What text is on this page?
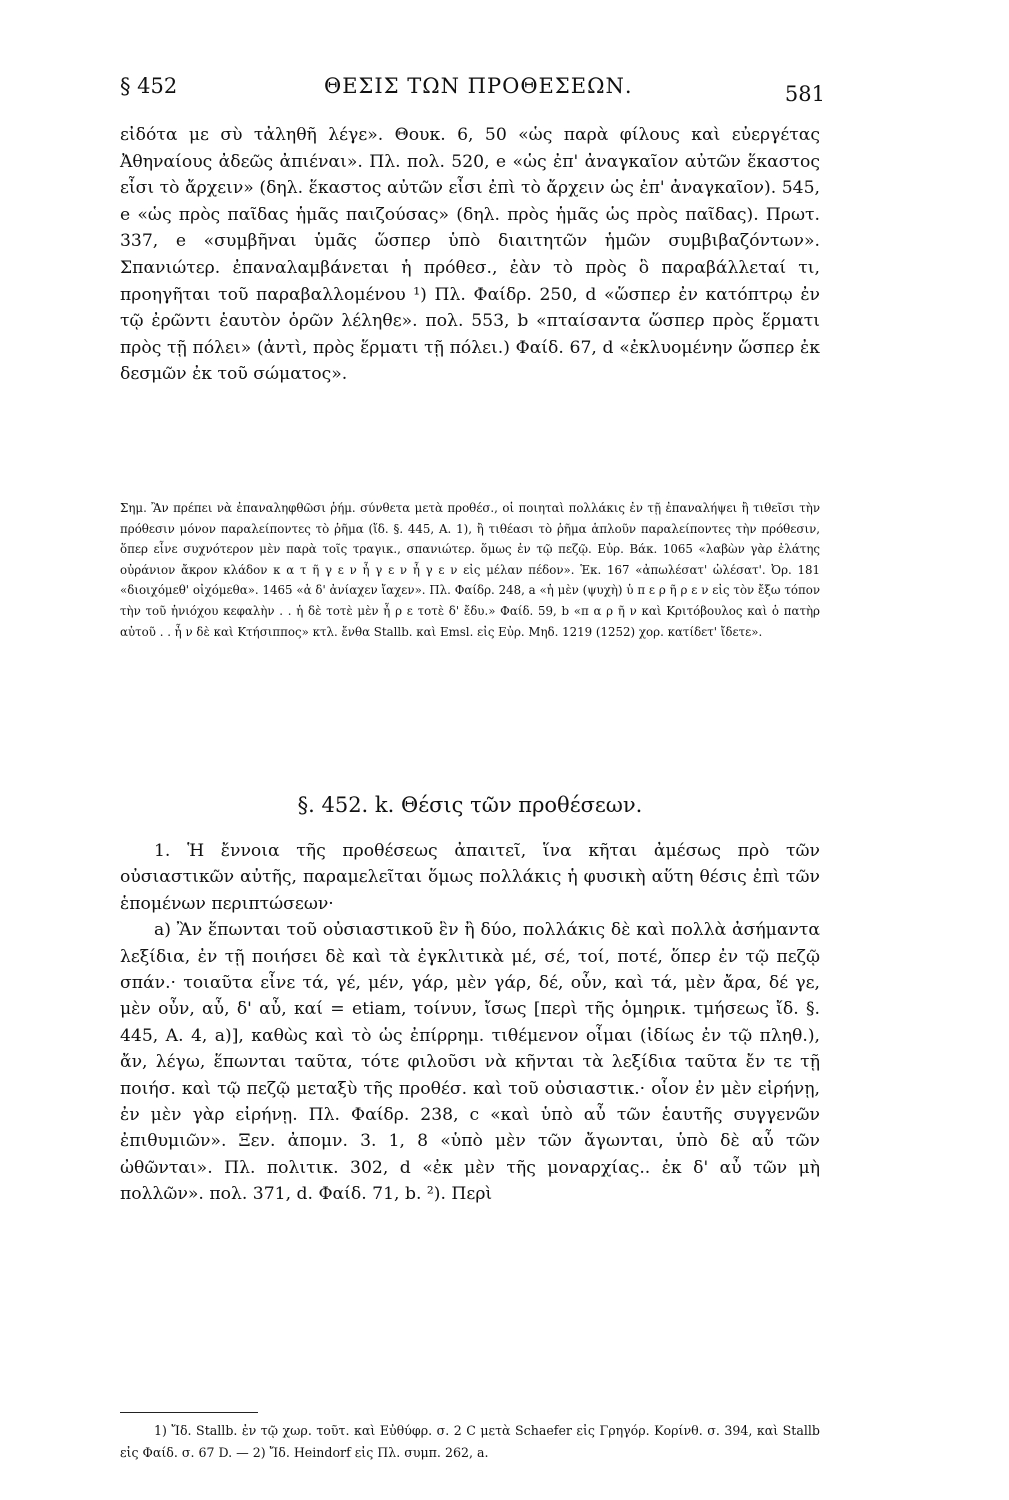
§ 452	ΘΕΣΙΣ ΤΩΝ ΠΡΟΘΕΣΕΩΝ.	581

εἰδότα με σὺ τἀληθῆ λέγε». Θουκ. 6, 50 «ὡς παρὰ φίλους καὶ εὐεργέτας Ἀθηναίους ἀδεῶς ἀπιέναι». Πλ. πολ. 520, e «ὡς ἐπ' ἀναγκαῖον αὐτῶν ἕκαστος εἶσι τὸ ἄρχειν» (δηλ. ἕκαστος αὐτῶν εἶσι ἐπὶ τὸ ἄρχειν ὡς ἐπ' ἀναγκαῖον). 545, e «ὡς πρὸς παῖδας ἡμᾶς παιζούσας» (δηλ. πρὸς ἡμᾶς ὡς πρὸς παῖδας). Πρωτ. 337, e «συμβῆναι ὑμᾶς ὥσπερ ὑπὸ διαιτητῶν ἡμῶν συμβιβαζόντων». Σπανιώτερ. ἐπαναλαμβάνεται ἡ πρόθεσ., ἐὰν τὸ πρὸς ὃ παραβάλλεταί τι, προηγῆται τοῦ παραβαλλομένου ¹) Πλ. Φαίδρ. 250, d «ὥσπερ ἐν κατόπτρῳ ἐν τῷ ἐρῶντι ἑαυτὸν ὁρῶν λέληθε». πολ. 553, b «πταίσαντα ὥσπερ πρὸς ἕρματι πρὸς τῇ πόλει» (ἀντὶ, πρὸς ἕρματι τῇ πόλει.) Φαίδ. 67, d «ἐκλυομένην ὥσπερ ἐκ δεσμῶν ἐκ τοῦ σώματος».

Σημ. Ἂν πρέπει νὰ ἐπαναληφθῶσι ῥήμ. σύνθετα μετὰ προθέσ., οἱ ποιηταὶ πολλάκις ἐν τῇ ἐπαναλήψει ἢ τιθεῖσι τὴν πρόθεσιν μόνον παραλείποντες τὸ ῥῆμα (ἴδ. §. 445, Α. 1), ἢ τιθέασι τὸ ῥῆμα ἁπλοῦν παραλείποντες τὴν πρόθεσιν, ὅπερ εἶνε συχνότερον μὲν παρὰ τοῖς τραγικ., σπανιώτερ. ὅμως ἐν τῷ πεζῷ. Εὐρ. Βάκ. 1065 «λαβὼν γὰρ ἐλάτης οὐράνιον ἄκρον κλάδον κ α τ ῆ γ ε ν ἦ γ ε ν ἦ γ ε ν εἰς μέλαν πέδον». Ἑκ. 167 «ἀπωλέσατ' ὠλέσατ'. Ὀρ. 181 «διοιχόμεθ' οἰχόμεθα». 1465 «ἀ δ' ἀνίαχεν ἴαχεν». Πλ. Φαίδρ. 248, a «ἡ μὲν (ψυχὴ) ὑ π ε ρ ῆ ρ ε ν εἰς τὸν ἔξω τόπον τὴν τοῦ ἡνιόχου κεφαλὴν . . ἡ δὲ τοτὲ μὲν ἦ ρ ε τοτὲ δ' ἔδυ.» Φαίδ. 59, b «π α ρ ῆ ν καὶ Κριτόβουλος καὶ ὁ πατὴρ αὐτοῦ . . ἦ ν δὲ καὶ Κτήσιππος» κτλ. ἔνθα Stallb. καὶ Emsl. εἰς Εὐρ. Μηδ. 1219 (1252) χορ. κατίδετ' ἴδετε».

§. 452. k. Θέσις τῶν προθέσεων.

1. Ἡ ἔννοια τῆς προθέσεως ἀπαιτεῖ, ἵνα κῆται ἀμέσως πρὸ τῶν οὐσιαστικῶν αὐτῆς, παραμελεῖται ὅμως πολλάκις ἡ φυσικὴ αὕτη θέσις ἐπὶ τῶν ἑπομένων περιπτώσεων·

a) Ἂν ἕπωνται τοῦ οὐσιαστικοῦ ἓν ἢ δύο, πολλάκις δὲ καὶ πολλὰ ἀσήμαντα λεξίδια, ἐν τῇ ποιήσει δὲ καὶ τὰ ἐγκλιτικὰ μέ, σέ, τοί, ποτέ, ὅπερ ἐν τῷ πεζῷ σπάν.· τοιαῦτα εἶνε τά, γέ, μέν, γάρ, μὲν γάρ, δέ, οὖν, καὶ τά, μὲν ἄρα, δέ γε, μὲν οὖν, αὖ, δ' αὖ, καί = etiam, τοίνυν, ἴσως [περὶ τῆς ὁμηρικ. τμήσεως ἴδ. §. 445, Α. 4, a)], καθὼς καὶ τὸ ὡς ἐπίρρημ. τιθέμενον οἶμαι (ἰδίως ἐν τῷ πληθ.), ἄν, λέγω, ἕπωνται ταῦτα, τότε φιλοῦσι νὰ κῆνται τὰ λεξίδια ταῦτα ἔν τε τῇ ποιήσ. καὶ τῷ πεζῷ μεταξὺ τῆς προθέσ. καὶ τοῦ οὐσιαστικ.· οἷον ἐν μὲν εἰρήνῃ, ἐν μὲν γὰρ εἰρήνῃ. Πλ. Φαίδρ. 238, c «καὶ ὑπὸ αὖ τῶν ἑαυτῆς συγγενῶν ἐπιθυμιῶν». Ξεν. ἀπομν. 3. 1, 8 «ὑπὸ μὲν τῶν ἄγωνται, ὑπὸ δὲ αὖ τῶν ὠθῶνται». Πλ. πολιτικ. 302, d «ἐκ μὲν τῆς μοναρχίας.. ἐκ δ' αὖ τῶν μὴ πολλῶν». πολ. 371, d. Φαίδ. 71, b. ²). Περὶ

1) Ἴδ. Stallb. ἐν τῷ χωρ. τοῦτ. καὶ Εὐθύφρ. σ. 2 C μετὰ Schaefer εἰς Γρηγόρ. Κορίνθ. σ. 394, καὶ Stallb εἰς Φαίδ. σ. 67 D. — 2) Ἴδ. Heindorf εἰς Πλ. συμπ. 262, a.
